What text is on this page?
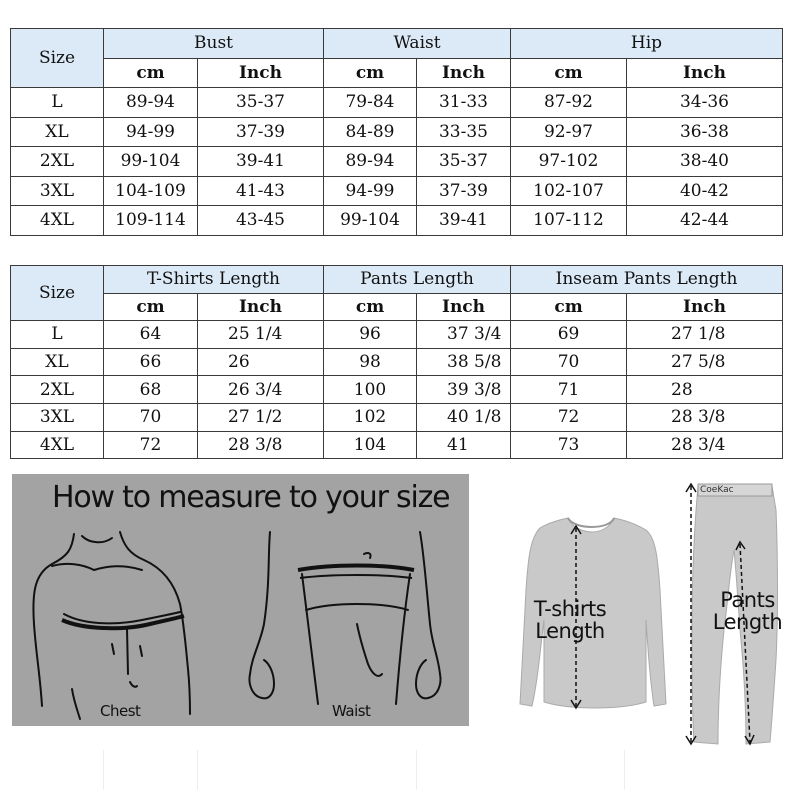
Size	Bust		Waist		Hip	
	cm	Inch	cm	Inch	cm	Inch
L	89-94	35-37	79-84	31-33	87-92	34-36
XL	94-99	37-39	84-89	33-35	92-97	36-38
2XL	99-104	39-41	89-94	35-37	97-102	38-40
3XL	104-109	41-43	94-99	37-39	102-107	40-42
4XL	109-114	43-45	99-104	39-41	107-112	42-44
Size	T-Shirts Length		Pants Length		Inseam Pants Length	
	cm	Inch	cm	Inch	cm	Inch
L	64	25 1/4	96	37 3/4	69	27 1/8
XL	66	26	98	38 5/8	70	27 5/8
2XL	68	26 3/4	100	39 3/8	71	28
3XL	70	27 1/2	102	40 1/8	72	28 3/8
4XL	72	28 3/8	104	41	73	28 3/4
How to measure to your size
Chest	Waist
CoeKac
T-shirts
Length
Pants
Length
